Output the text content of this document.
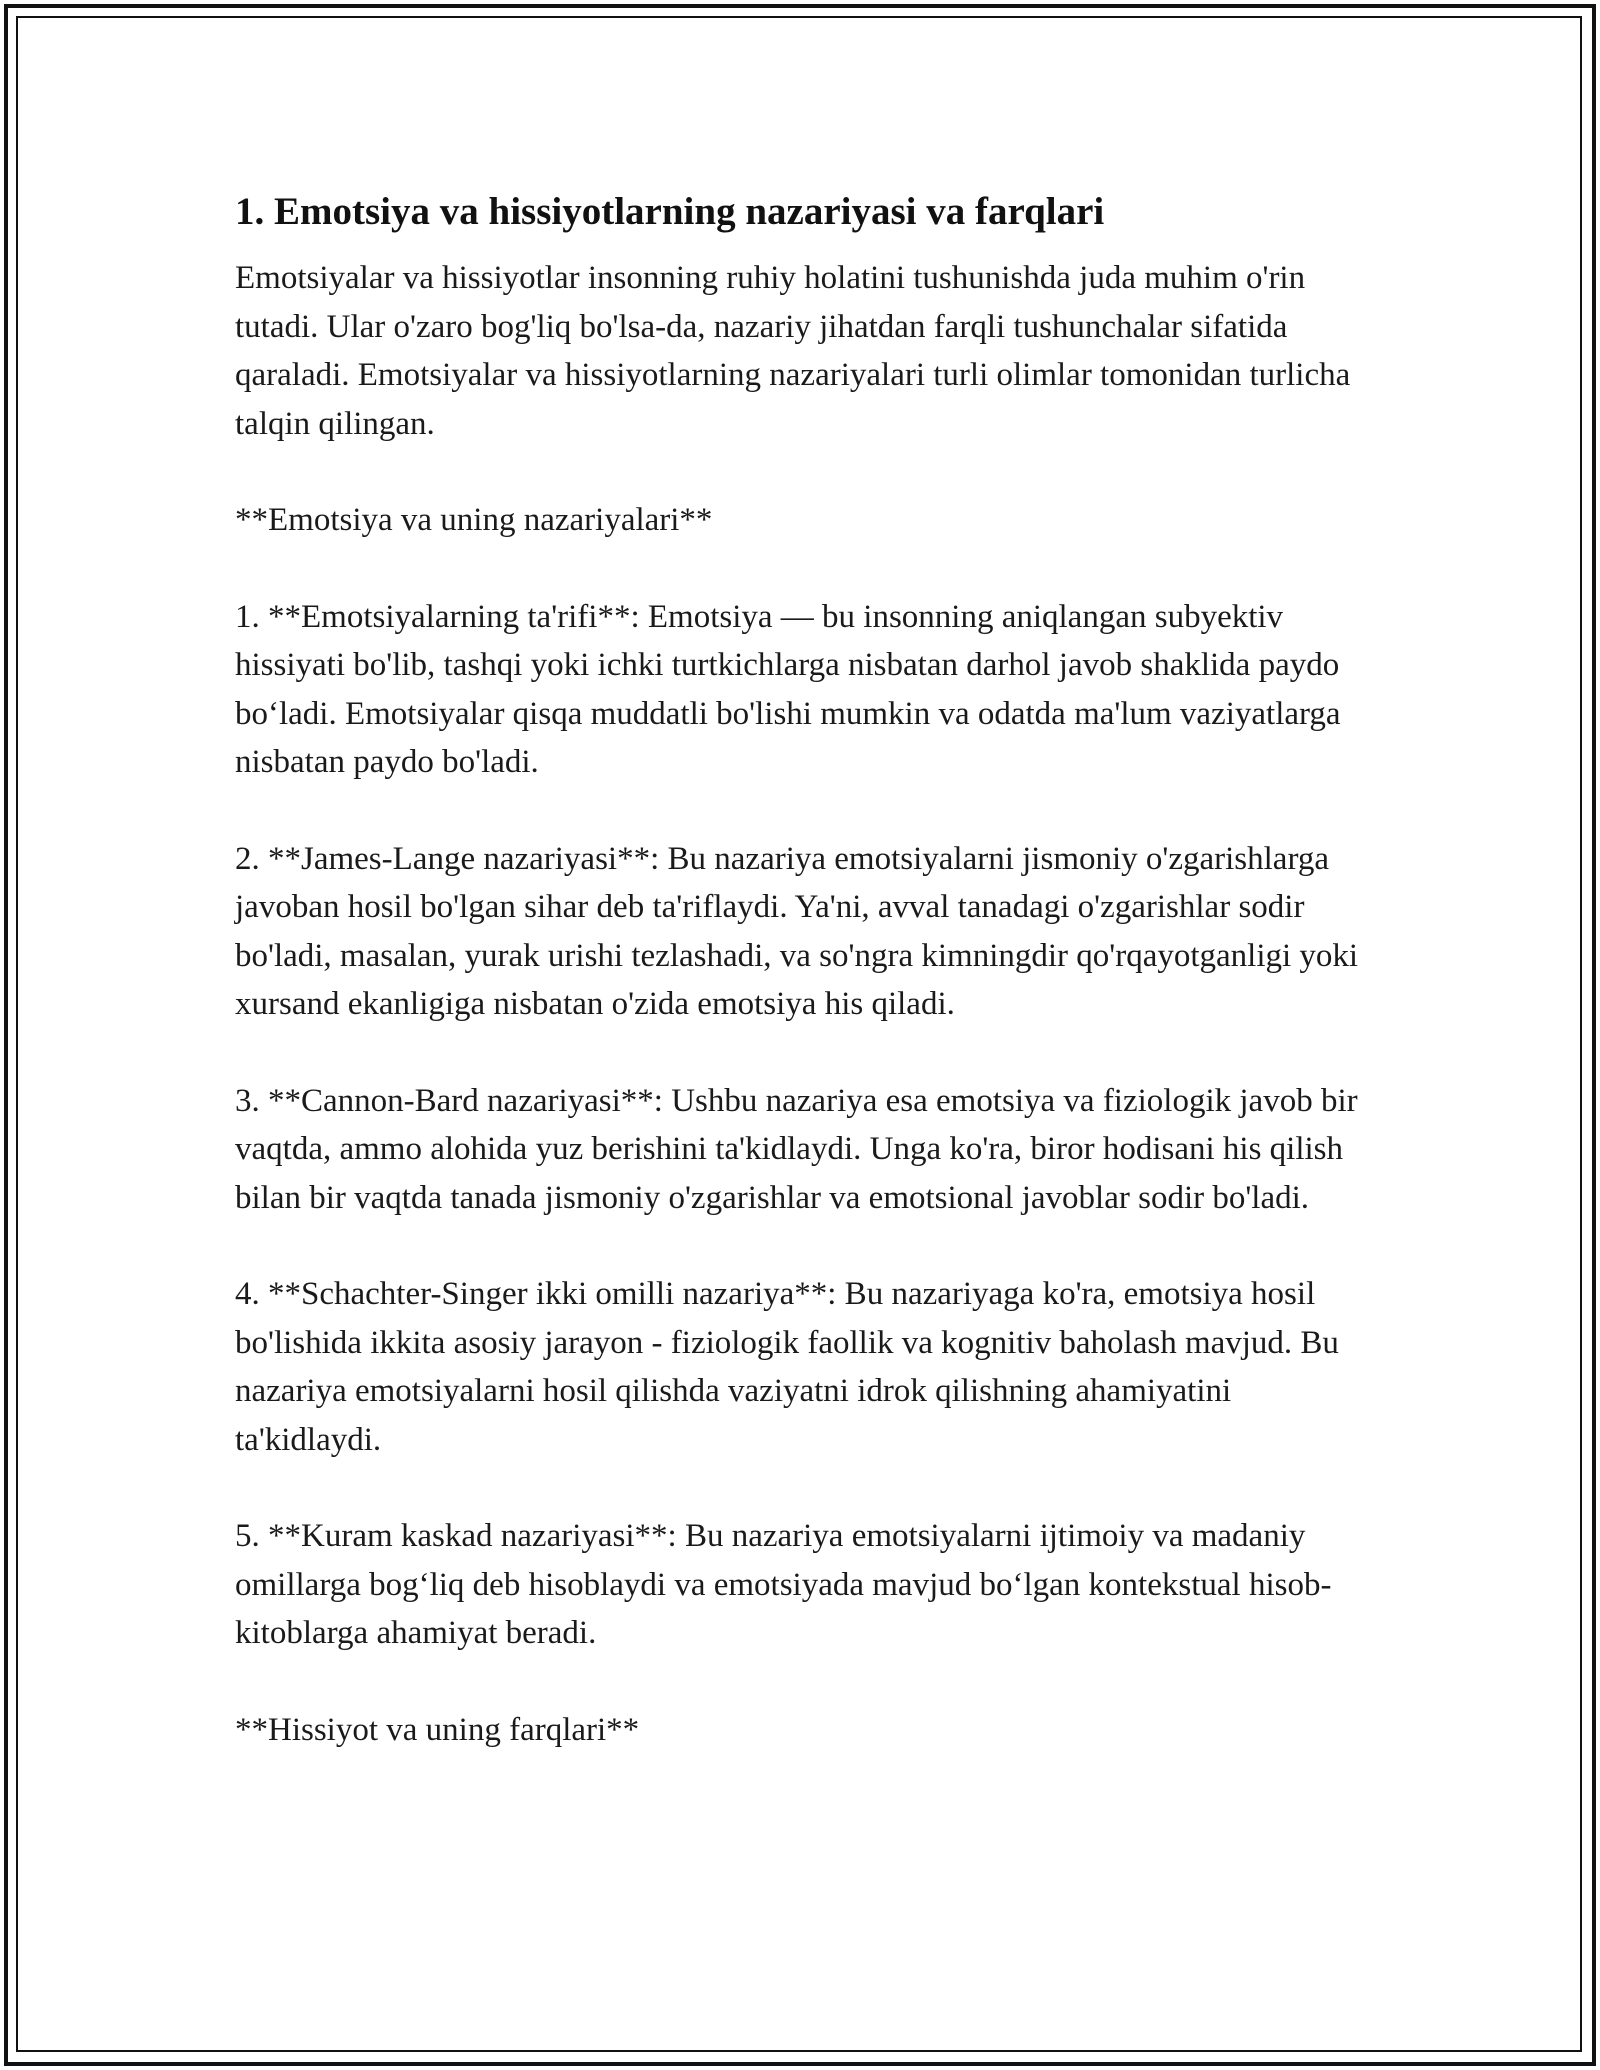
1. Emotsiya va hissiyotlarning nazariyasi va farqlari

Emotsiyalar va hissiyotlar insonning ruhiy holatini tushunishda juda muhim o'rin tutadi. Ular o'zaro bog'liq bo'lsa-da, nazariy jihatdan farqli tushunchalar sifatida qaraladi. Emotsiyalar va hissiyotlarning nazariyalari turli olimlar tomonidan turlicha talqin qilingan.

**Emotsiya va uning nazariyalari**

1. **Emotsiyalarning ta'rifi**: Emotsiya — bu insonning aniqlangan subyektiv hissiyati bo'lib, tashqi yoki ichki turtkichlarga nisbatan darhol javob shaklida paydo bo‘ladi. Emotsiyalar qisqa muddatli bo'lishi mumkin va odatda ma'lum vaziyatlarga nisbatan paydo bo'ladi.

2. **James-Lange nazariyasi**: Bu nazariya emotsiyalarni jismoniy o'zgarishlarga javoban hosil bo'lgan sihar deb ta'riflaydi. Ya'ni, avval tanadagi o'zgarishlar sodir bo'ladi, masalan, yurak urishi tezlashadi, va so'ngra kimningdir qo'rqayotganligi yoki xursand ekanligiga nisbatan o'zida emotsiya his qiladi.

3. **Cannon-Bard nazariyasi**: Ushbu nazariya esa emotsiya va fiziologik javob bir vaqtda, ammo alohida yuz berishini ta'kidlaydi. Unga ko'ra, biror hodisani his qilish bilan bir vaqtda tanada jismoniy o'zgarishlar va emotsional javoblar sodir bo'ladi.

4. **Schachter-Singer ikki omilli nazariya**: Bu nazariyaga ko'ra, emotsiya hosil bo'lishida ikkita asosiy jarayon - fiziologik faollik va kognitiv baholash mavjud. Bu nazariya emotsiyalarni hosil qilishda vaziyatni idrok qilishning ahamiyatini ta'kidlaydi.

5. **Kuram kaskad nazariyasi**: Bu nazariya emotsiyalarni ijtimoiy va madaniy omillarga bog‘liq deb hisoblaydi va emotsiyada mavjud bo‘lgan kontekstual hisob-kitoblarga ahamiyat beradi.

**Hissiyot va uning farqlari**
